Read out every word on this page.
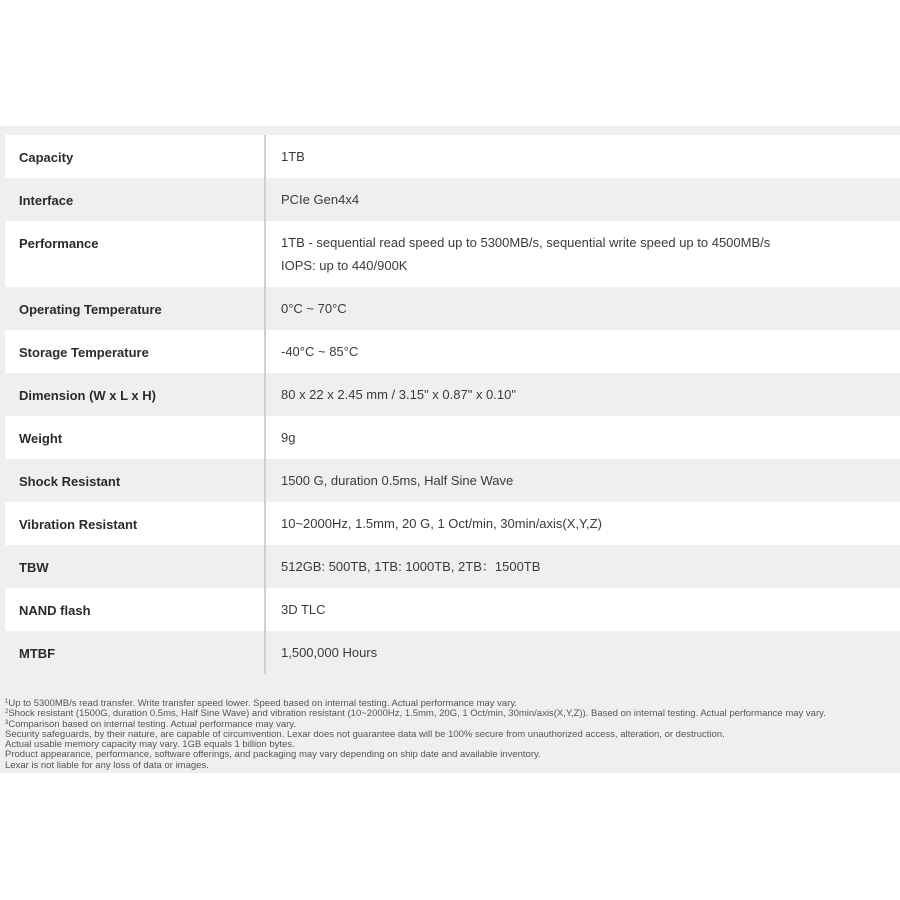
Capacity	1TB
Interface	PCIe Gen4x4
Performance	1TB - sequential read speed up to 5300MB/s, sequential write speed up to 4500MB/s
IOPS: up to 440/900K
Operating Temperature	0°C ~ 70°C
Storage Temperature	-40°C ~ 85°C
Dimension (W x L x H)	80 x 22 x 2.45 mm / 3.15" x 0.87" x 0.10"
Weight	9g
Shock Resistant	1500 G, duration 0.5ms, Half Sine Wave
Vibration Resistant	10~2000Hz, 1.5mm, 20 G, 1 Oct/min, 30min/axis(X,Y,Z)
TBW	512GB: 500TB, 1TB: 1000TB, 2TB：1500TB
NAND flash	3D TLC
MTBF	1,500,000 Hours
$^1$Up to 5300MB/s read transfer. Write transfer speed lower. Speed based on internal testing. Actual performance may vary.
$^2$Shock resistant (1500G, duration 0.5ms, Half Sine Wave) and vibration resistant (10~2000Hz, 1.5mm, 20G, 1 Oct/min, 30min/axis(X,Y,Z)). Based on internal testing. Actual performance may vary.
$^3$Comparison based on internal testing. Actual performance may vary.
Security safeguards, by their nature, are capable of circumvention. Lexar does not guarantee data will be 100% secure from unauthorized access, alteration, or destruction.
Actual usable memory capacity may vary. 1GB equals 1 billion bytes.
Product appearance, performance, software offerings, and packaging may vary depending on ship date and available inventory.
Lexar is not liable for any loss of data or images.
